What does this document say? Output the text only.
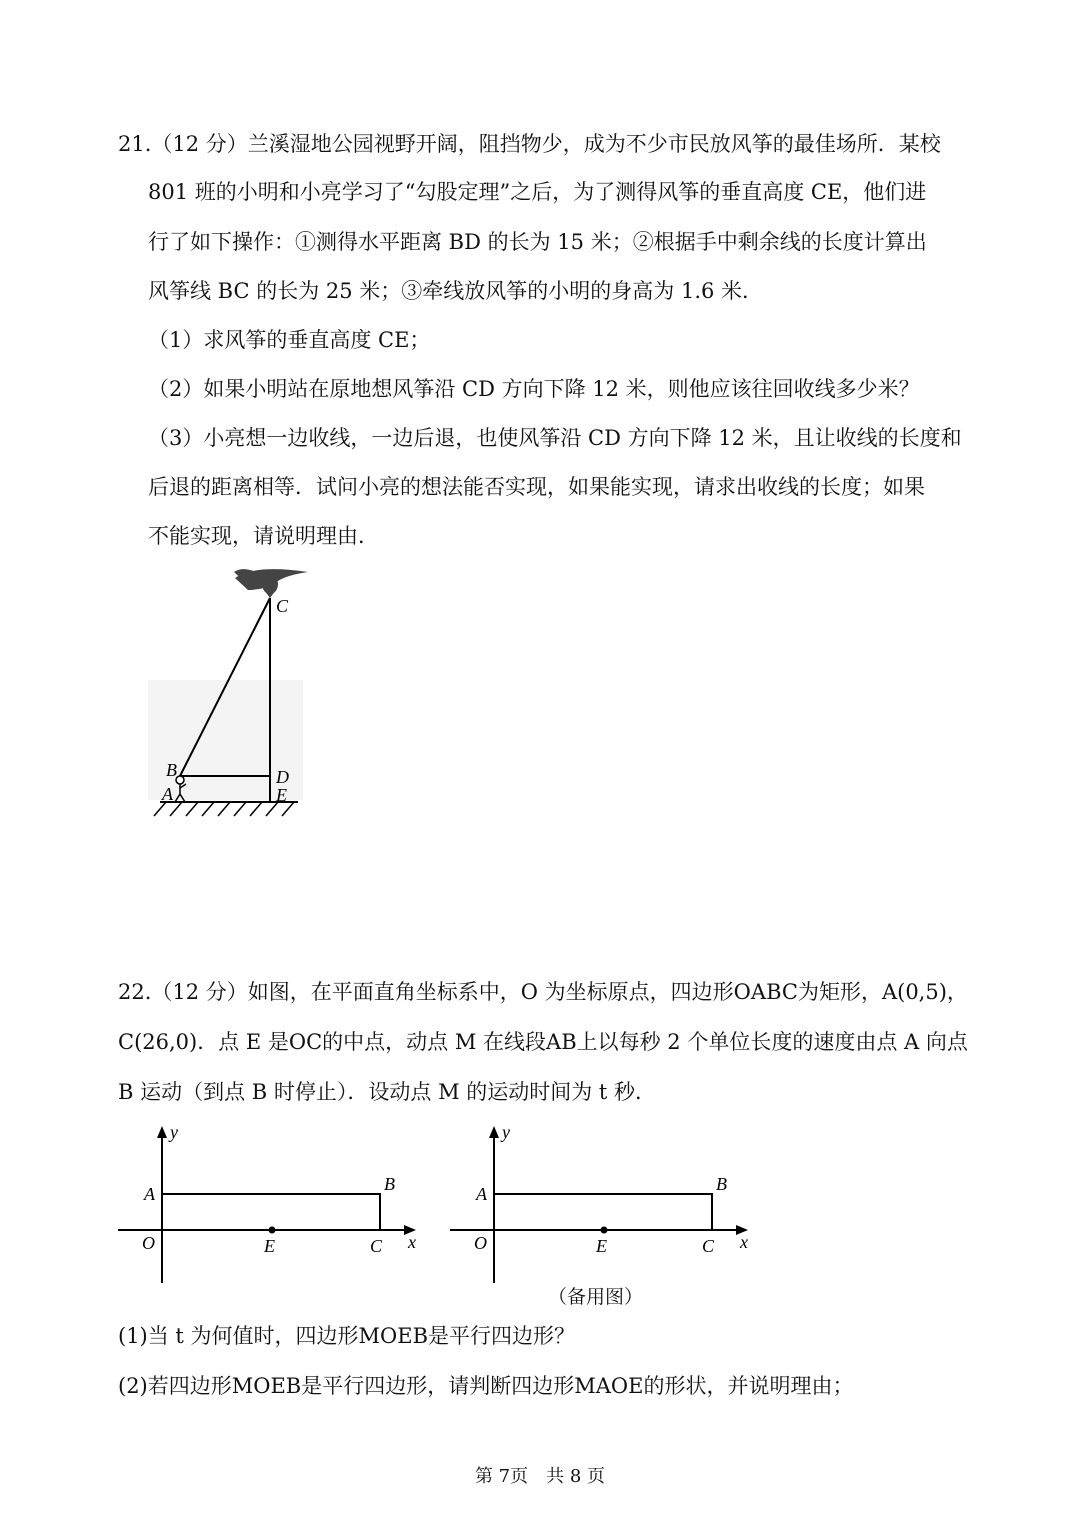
21.（12 分）兰溪湿地公园视野开阔，阻挡物少，成为不少市民放风筝的最佳场所．某校

801 班的小明和小亮学习了“勾股定理”之后，为了测得风筝的垂直高度 CE，他们进

行了如下操作：①测得水平距离 BD 的长为 15 米；②根据手中剩余线的长度计算出

风筝线 BC 的长为 25 米；③牵线放风筝的小明的身高为 1.6 米．

（1）求风筝的垂直高度 CE；

（2）如果小明站在原地想风筝沿 CD 方向下降 12 米，则他应该往回收线多少米？

（3）小亮想一边收线，一边后退，也使风筝沿 CD 方向下降 12 米，且让收线的长度和

后退的距离相等．试问小亮的想法能否实现，如果能实现，请求出收线的长度；如果

不能实现，请说明理由．

C
B
A
D
E

22.（12 分）如图，在平面直角坐标系中，O 为坐标原点，四边形OABC为矩形，A(0,5)，

C(26,0)．点 E 是OC的中点，动点 M 在线段AB上以每秒 2 个单位长度的速度由点 A 向点

B 运动（到点 B 时停止）．设动点 M 的运动时间为 t 秒．

y
x
A	B
O	E	C
y
x
A	B
O	E	C
（备用图）

(1)当 t 为何值时，四边形MOEB是平行四边形？

(2)若四边形MOEB是平行四边形，请判断四边形MAOE的形状，并说明理由；

第 7页　共 8 页
